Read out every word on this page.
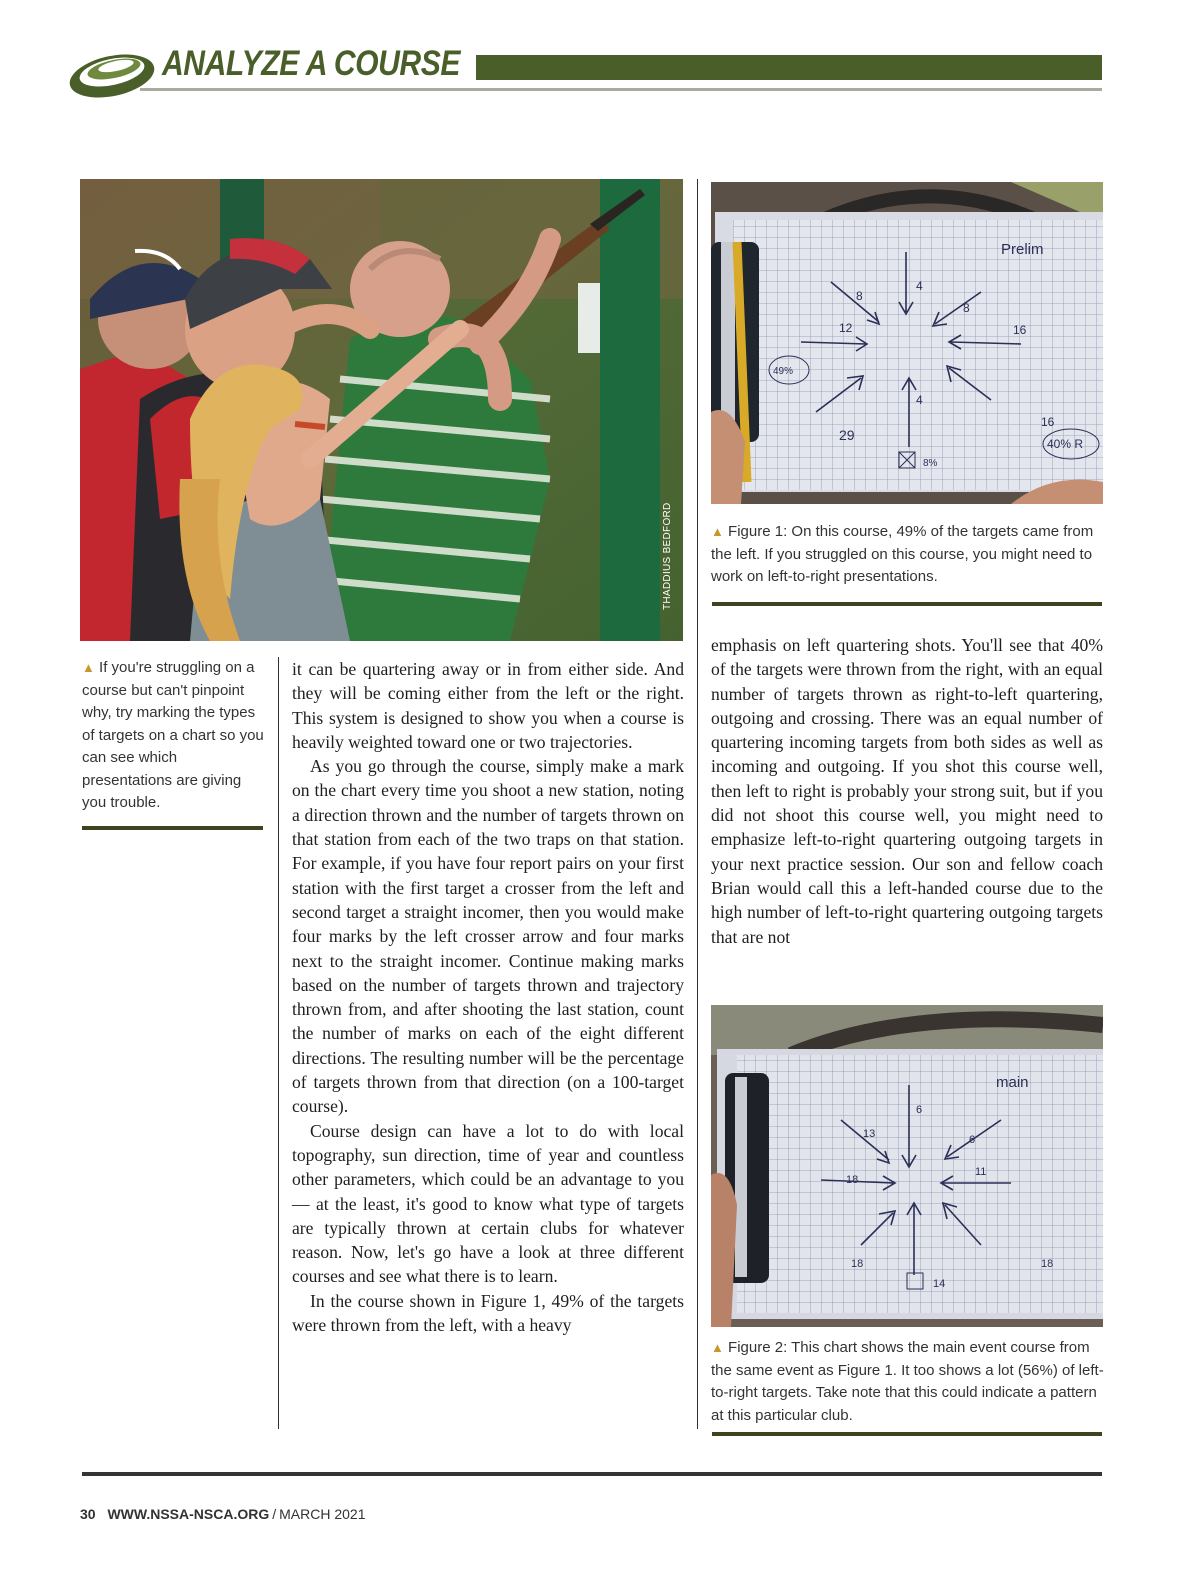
ANALYZE A COURSE
THADDIUS BEDFORD
Prelim
8
4
8
12	16
29
4
16
49%
40% R
8%
▲ Figure 1: On this course, 49% of the targets came from the left. If you struggled on this course, you might need to work on left-to-right presentations.
main
13
6
6
18
11
18
14
18
▲ Figure 2: This chart shows the main event course from the same event as Figure 1. It too shows a lot (56%) of left-to-right targets. Take note that this could indicate a pattern at this particular club.
▲ If you're struggling on a course but can't pinpoint why, try marking the types of targets on a chart so you can see which presentations are giving you trouble.

it can be quartering away or in from either side. And they will be coming either from the left or the right. This system is designed to show you when a course is heavily weighted toward one or two trajectories.

As you go through the course, simply make a mark on the chart every time you shoot a new station, noting a direction thrown and the number of targets thrown on that station from each of the two traps on that station. For example, if you have four report pairs on your first station with the first target a crosser from the left and second target a straight incomer, then you would make four marks by the left crosser arrow and four marks next to the straight incomer. Continue making marks based on the number of targets thrown and trajectory thrown from, and after shooting the last station, count the number of marks on each of the eight different directions. The resulting number will be the percentage of targets thrown from that direction (on a 100-target course).

Course design can have a lot to do with local topography, sun direction, time of year and countless other parameters, which could be an advantage to you — at the least, it's good to know what type of targets are typically thrown at certain clubs for whatever reason. Now, let's go have a look at three different courses and see what there is to learn.

In the course shown in Figure 1, 49% of the targets were thrown from the left, with a heavy

emphasis on left quartering shots. You'll see that 40% of the targets were thrown from the right, with an equal number of targets thrown as right-to-left quartering, outgoing and crossing. There was an equal number of quartering incoming targets from both sides as well as incoming and outgoing. If you shot this course well, then left to right is probably your strong suit, but if you did not shoot this course well, you might need to emphasize left-to-right quartering outgoing targets in your next practice session. Our son and fellow coach Brian would call this a left-handed course due to the high number of left-to-right quartering outgoing targets that are not

30 WWW.NSSA-NSCA.ORG / MARCH 2021
